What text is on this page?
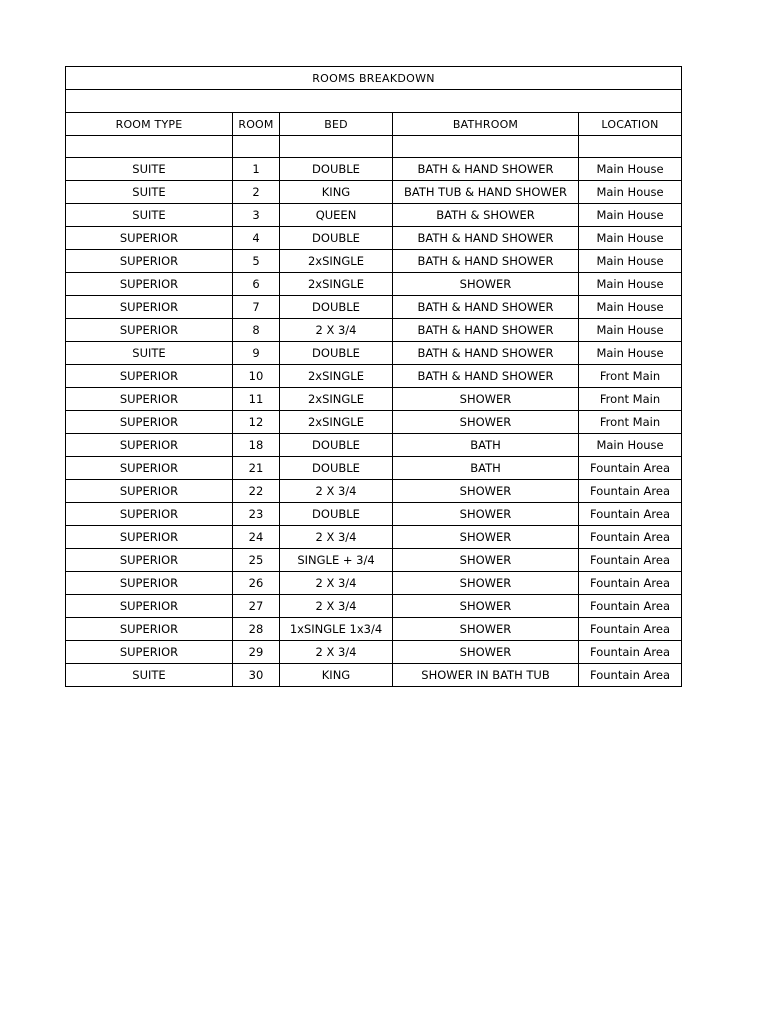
ROOMS BREAKDOWN				

ROOM TYPE	ROOM	BED	BATHROOM	LOCATION

SUITE	1	DOUBLE	BATH & HAND SHOWER	Main House
SUITE	2	KING	BATH TUB & HAND SHOWER	Main House
SUITE	3	QUEEN	BATH & SHOWER	Main House
SUPERIOR	4	DOUBLE	BATH & HAND SHOWER	Main House
SUPERIOR	5	2xSINGLE	BATH & HAND SHOWER	Main House
SUPERIOR	6	2xSINGLE	SHOWER	Main House
SUPERIOR	7	DOUBLE	BATH & HAND SHOWER	Main House
SUPERIOR	8	2 X 3/4	BATH & HAND SHOWER	Main House
SUITE	9	DOUBLE	BATH & HAND SHOWER	Main House
SUPERIOR	10	2xSINGLE	BATH & HAND SHOWER	Front Main
SUPERIOR	11	2xSINGLE	SHOWER	Front Main
SUPERIOR	12	2xSINGLE	SHOWER	Front Main
SUPERIOR	18	DOUBLE	BATH	Main House
SUPERIOR	21	DOUBLE	BATH	Fountain Area
SUPERIOR	22	2 X 3/4	SHOWER	Fountain Area
SUPERIOR	23	DOUBLE	SHOWER	Fountain Area
SUPERIOR	24	2 X 3/4	SHOWER	Fountain Area
SUPERIOR	25	SINGLE + 3/4	SHOWER	Fountain Area
SUPERIOR	26	2 X 3/4	SHOWER	Fountain Area
SUPERIOR	27	2 X 3/4	SHOWER	Fountain Area
SUPERIOR	28	1xSINGLE 1x3/4	SHOWER	Fountain Area
SUPERIOR	29	2 X 3/4	SHOWER	Fountain Area
SUITE	30	KING	SHOWER IN BATH TUB	Fountain Area
